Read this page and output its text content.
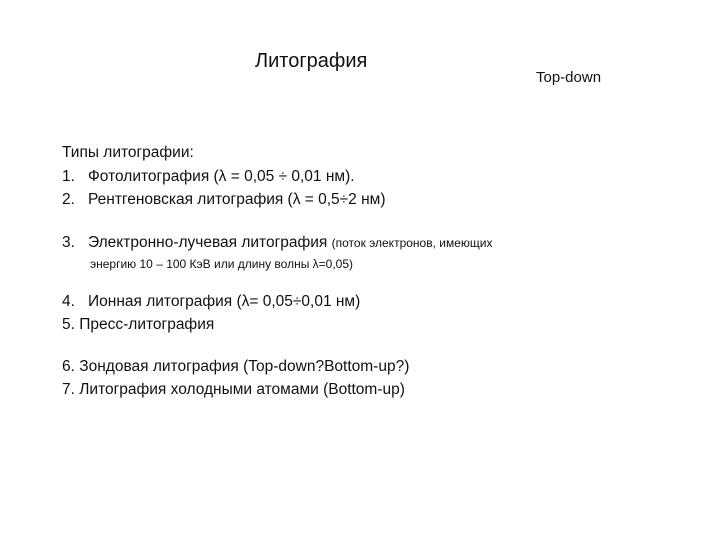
Литография
Top-down
Типы литографии:
1. Фотолитография (λ = 0,05 ÷ 0,01 нм).
2. Рентгеновская литография (λ = 0,5÷2 нм)
3. Электронно-лучевая литография (поток электронов, имеющих
энергию 10 – 100 КэВ или длину волны λ=0,05)
4. Ионная литография (λ= 0,05÷0,01 нм)
5. Пресс-литография
6. Зондовая литография (Top-down?Bottom-up?)
7. Литография холодными атомами (Bottom-up)
